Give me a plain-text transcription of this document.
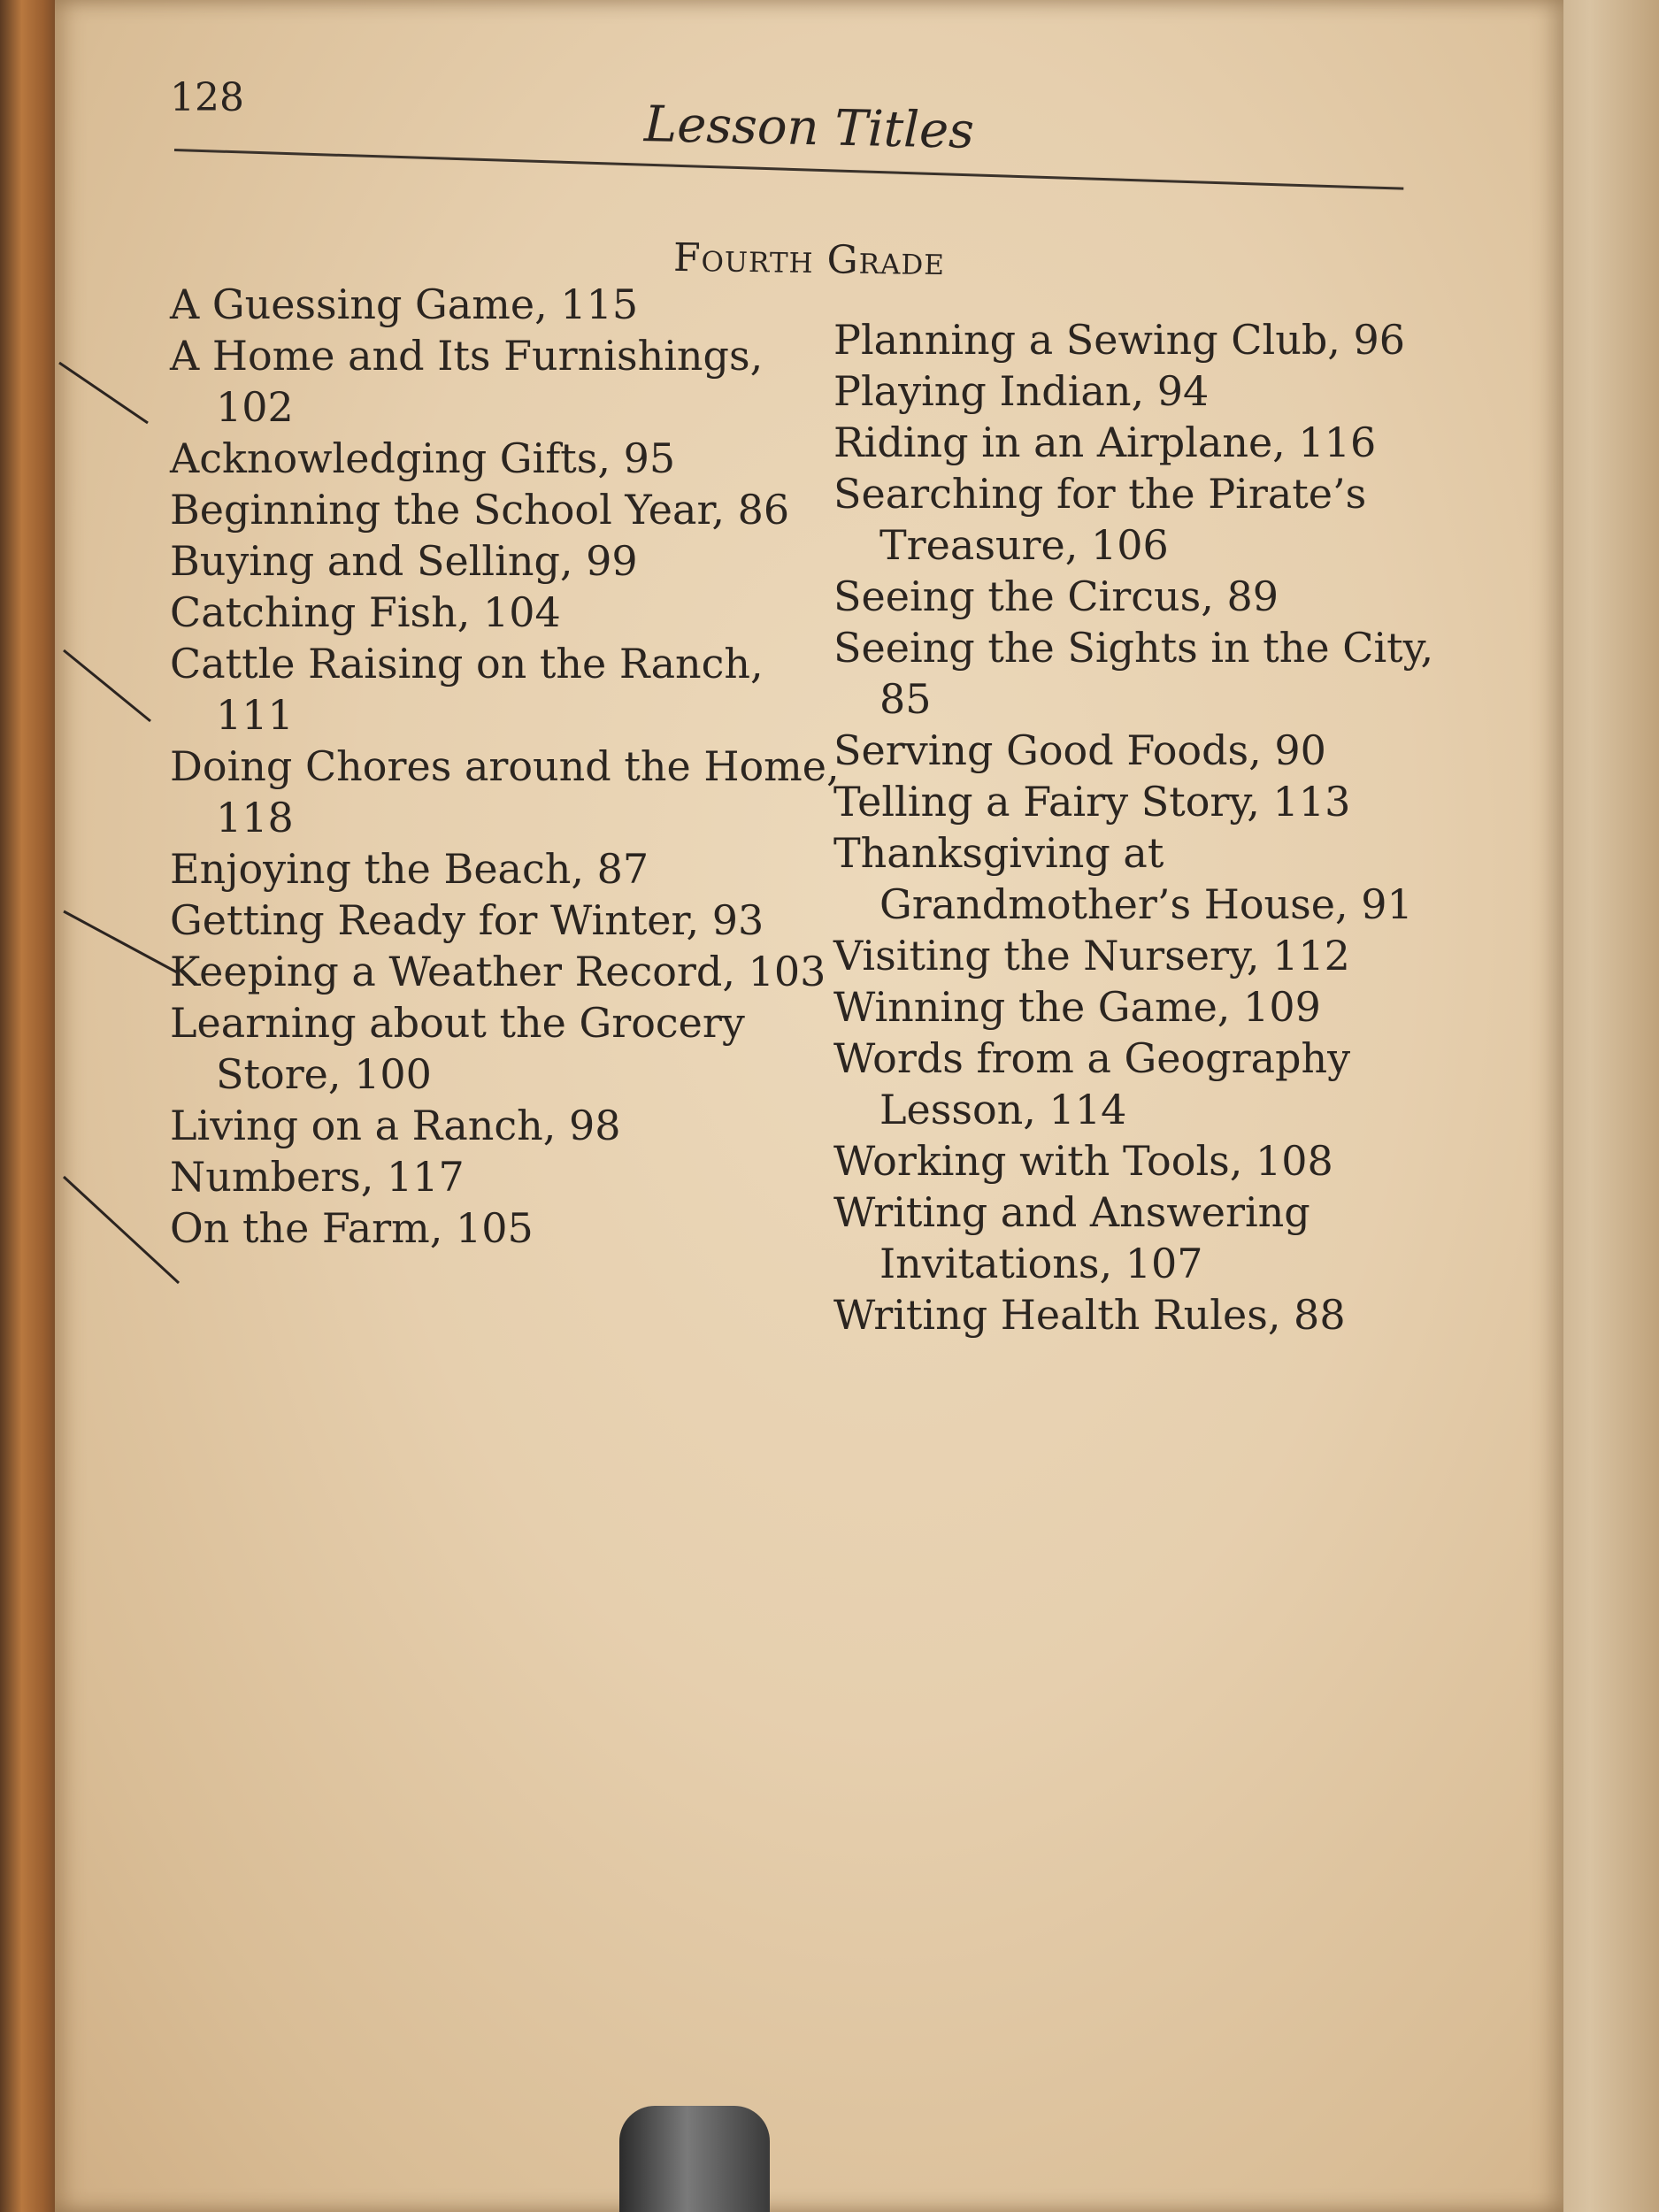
128	Lesson Titles
Fourth Grade
A Guessing Game, 115
A Home and Its Furnishings, 102
Acknowledging Gifts, 95
Beginning the School Year, 86
Buying and Selling, 99
Catching Fish, 104
Cattle Raising on the Ranch, 111
Doing Chores around the Home, 118
Enjoying the Beach, 87
Getting Ready for Winter, 93
Keeping a Weather Record, 103
Learning about the Grocery Store, 100
Living on a Ranch, 98
Numbers, 117
On the Farm, 105
Planning a Sewing Club, 96
Playing Indian, 94
Riding in an Airplane, 116
Searching for the Pirate’s Treasure, 106
Seeing the Circus, 89
Seeing the Sights in the City, 85
Serving Good Foods, 90
Telling a Fairy Story, 113
Thanksgiving at Grandmother’s House, 91
Visiting the Nursery, 112
Winning the Game, 109
Words from a Geography Lesson, 114
Working with Tools, 108
Writing and Answering Invitations, 107
Writing Health Rules, 88
